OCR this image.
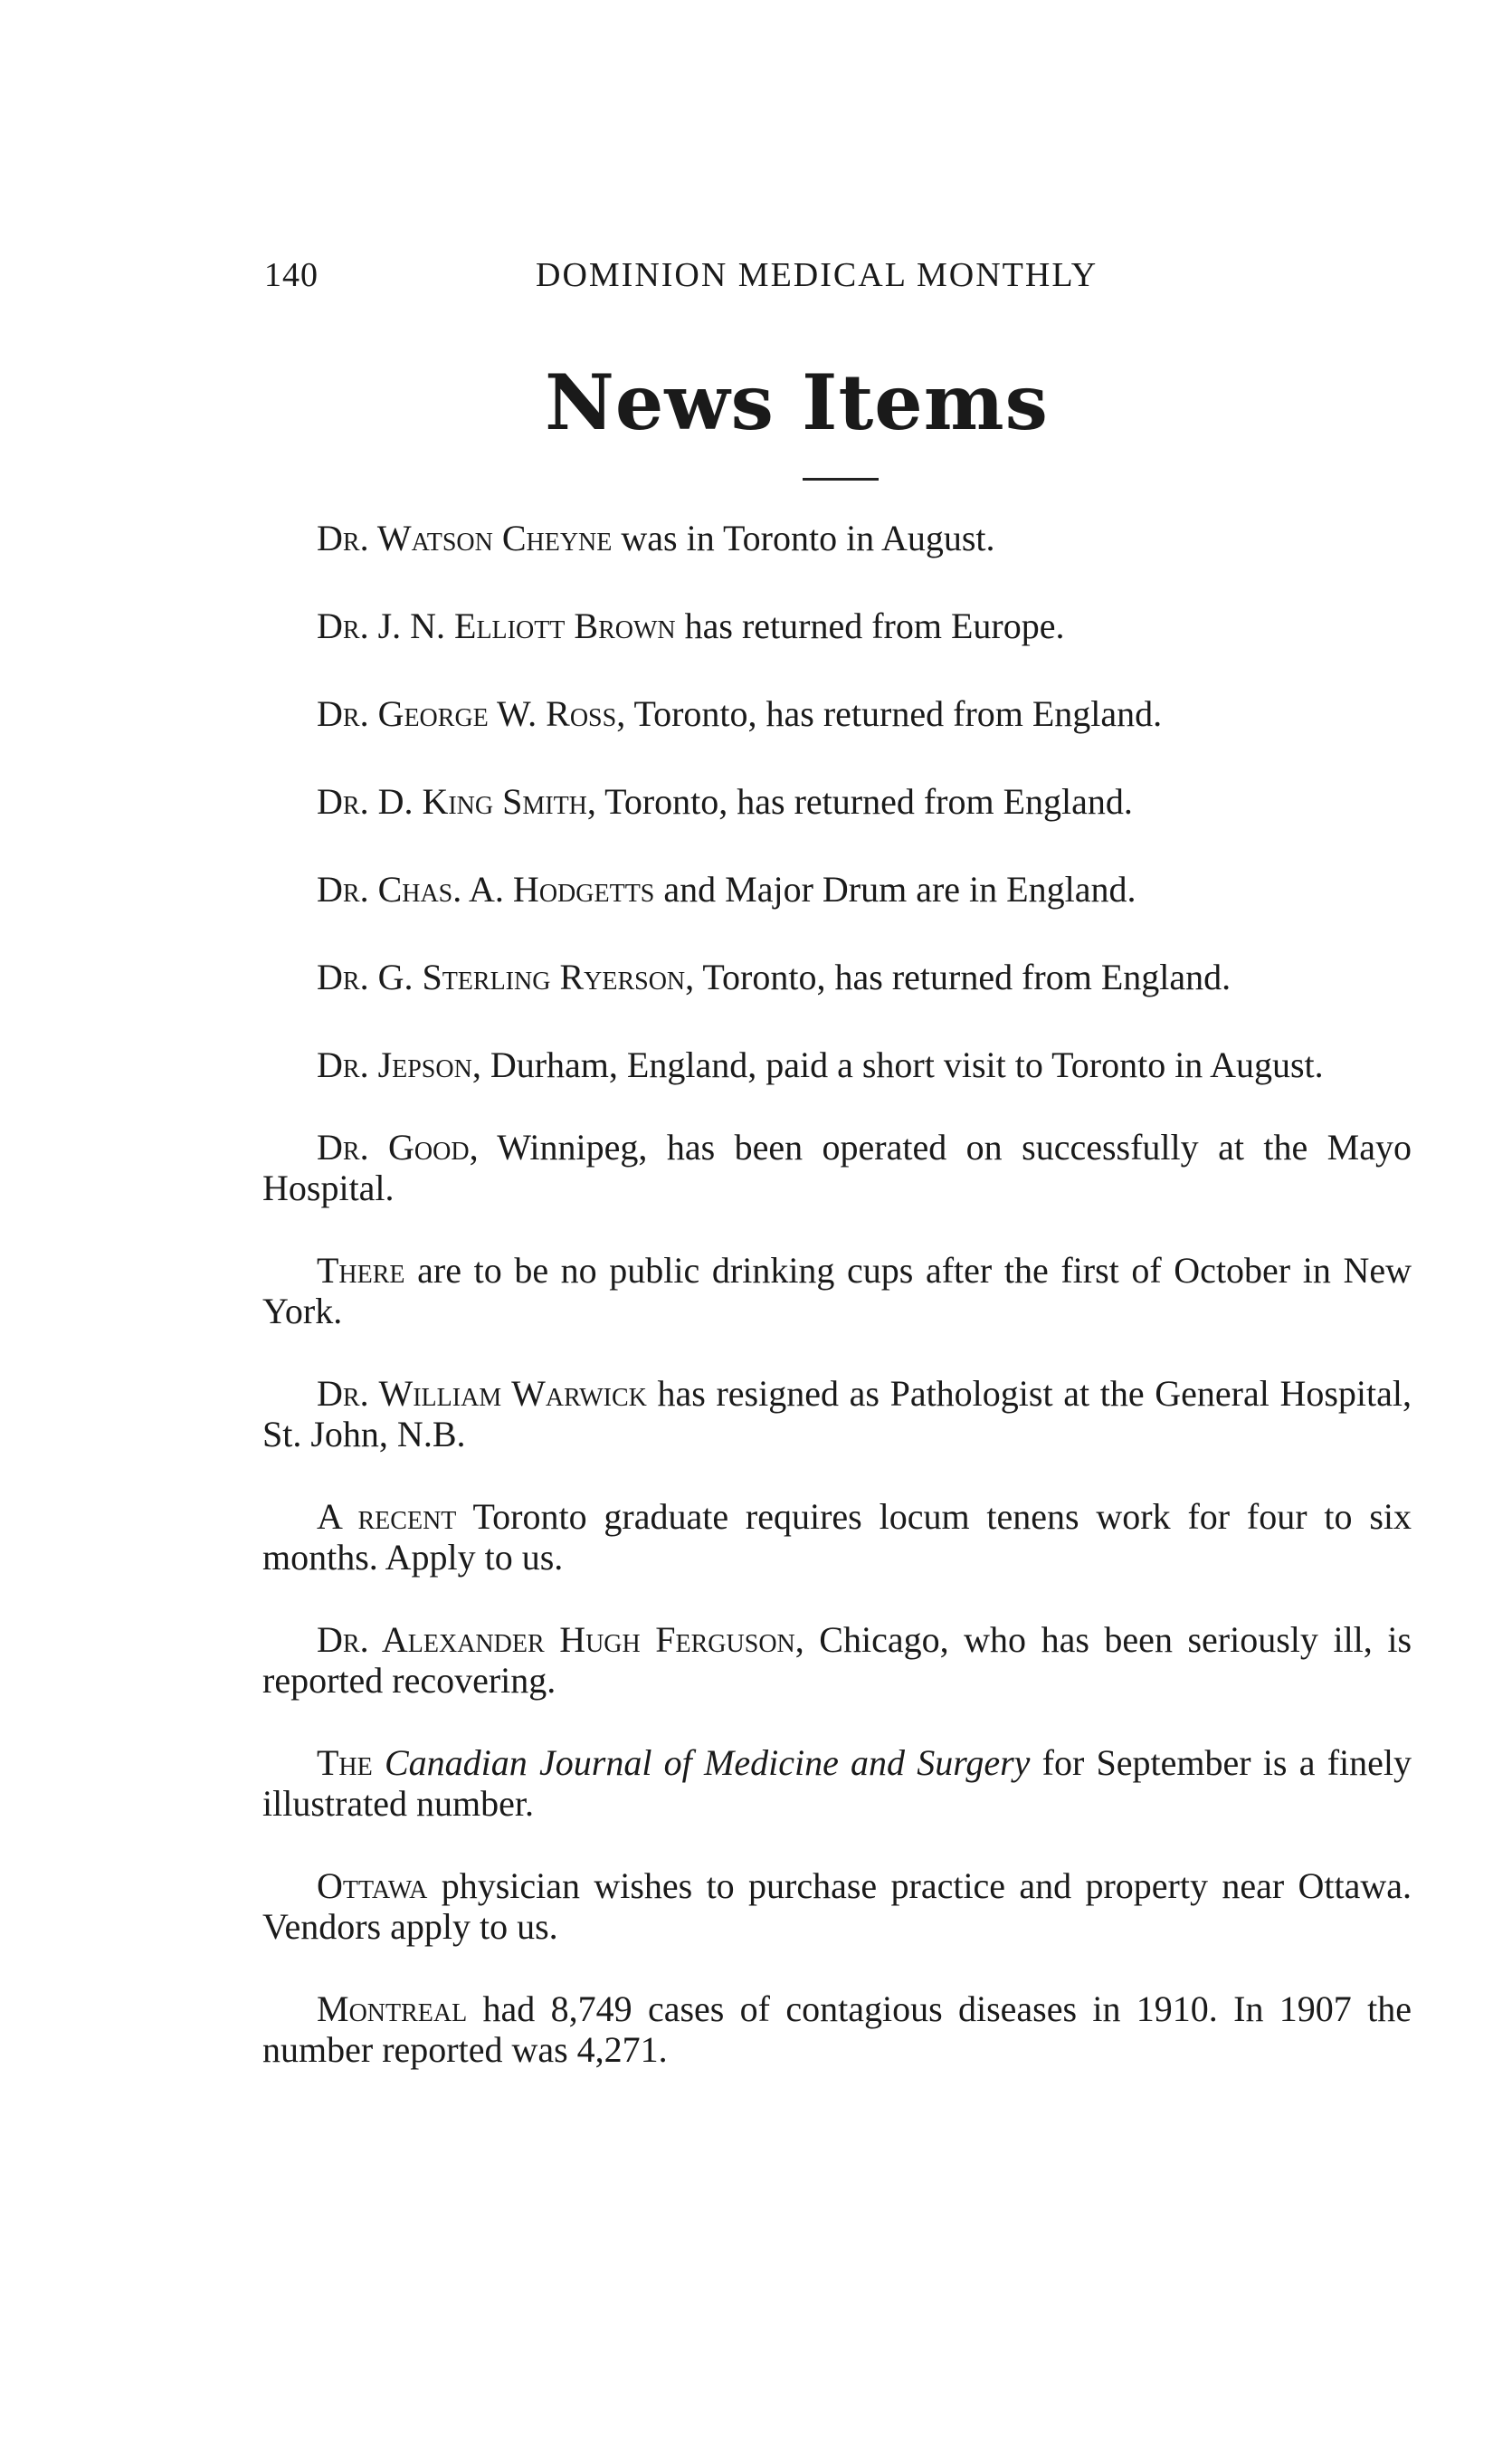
140	DOMINION MEDICAL MONTHLY
News Items

Dr. Watson Cheyne was in Toronto in August.

Dr. J. N. Elliott Brown has returned from Europe.

Dr. George W. Ross, Toronto, has returned from England.

Dr. D. King Smith, Toronto, has returned from England.

Dr. Chas. A. Hodgetts and Major Drum are in England.

Dr. G. Sterling Ryerson, Toronto, has returned from England.

Dr. Jepson, Durham, England, paid a short visit to Toronto in August.

Dr. Good, Winnipeg, has been operated on successfully at the Mayo Hospital.

There are to be no public drinking cups after the first of October in New York.

Dr. William Warwick has resigned as Pathologist at the General Hospital, St. John, N.B.

A recent Toronto graduate requires locum tenens work for four to six months. Apply to us.

Dr. Alexander Hugh Ferguson, Chicago, who has been seriously ill, is reported recovering.

The Canadian Journal of Medicine and Surgery for September is a finely illustrated number.

Ottawa physician wishes to purchase practice and property near Ottawa. Vendors apply to us.

Montreal had 8,749 cases of contagious diseases in 1910. In 1907 the number reported was 4,271.
